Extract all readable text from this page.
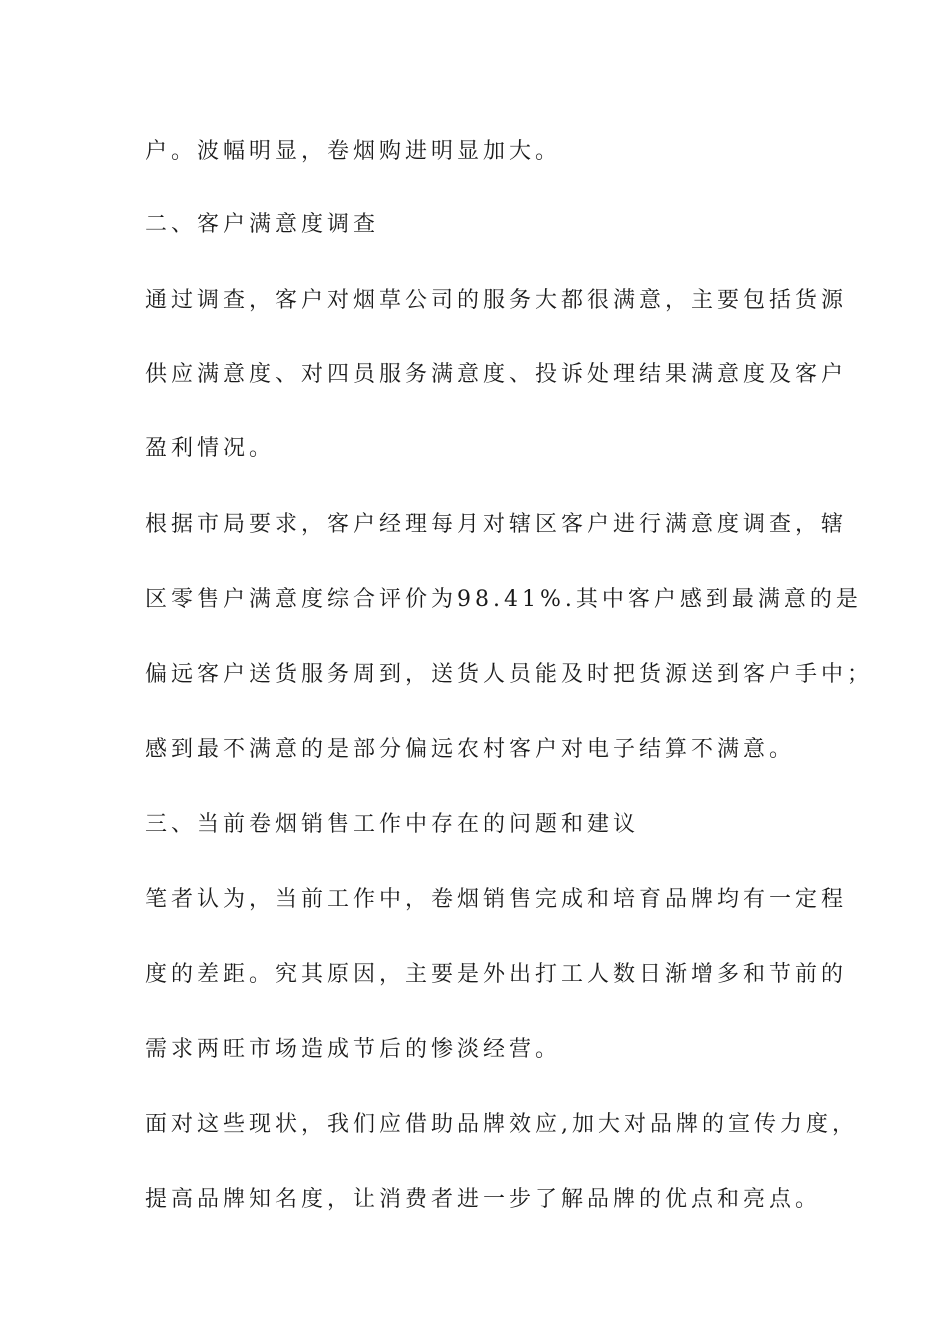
户。波幅明显，卷烟购进明显加大。
二、客户满意度调查
通过调查，客户对烟草公司的服务大都很满意，主要包括货源
供应满意度、对四员服务满意度、投诉处理结果满意度及客户
盈利情况。
根据市局要求，客户经理每月对辖区客户进行满意度调查，辖
区零售户满意度综合评价为98.41%.其中客户感到最满意的是
偏远客户送货服务周到，送货人员能及时把货源送到客户手中；
感到最不满意的是部分偏远农村客户对电子结算不满意。
三、当前卷烟销售工作中存在的问题和建议
笔者认为，当前工作中，卷烟销售完成和培育品牌均有一定程
度的差距。究其原因，主要是外出打工人数日渐增多和节前的
需求两旺市场造成节后的惨淡经营。
面对这些现状，我们应借助品牌效应,加大对品牌的宣传力度，
提高品牌知名度，让消费者进一步了解品牌的优点和亮点。
